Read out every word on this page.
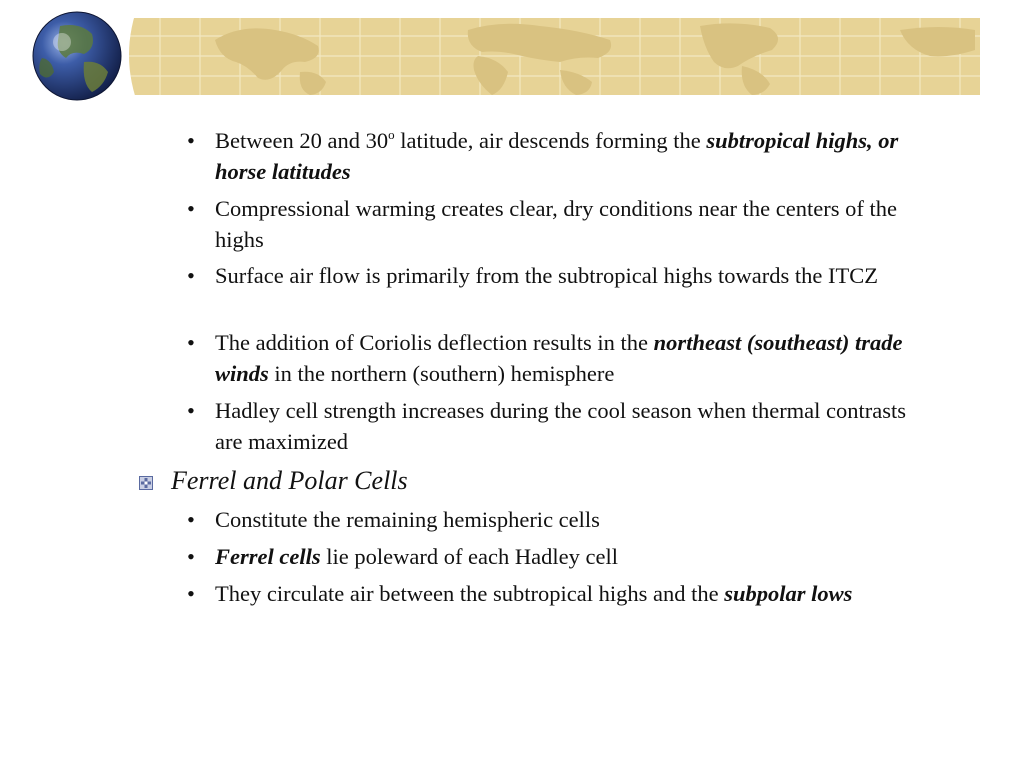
• Between 20 and 30$^o$ latitude, air descends forming the subtropical highs, or horse latitudes
• Compressional warming creates clear, dry conditions near the centers of the highs
• Surface air flow is primarily from the subtropical highs towards the ITCZ
• The addition of Coriolis deflection results in the northeast (southeast) trade winds in the northern (southern) hemisphere
• Hadley cell strength increases during the cool season when thermal contrasts are maximized
Ferrel and Polar Cells
• Constitute the remaining hemispheric cells
• Ferrel cells lie poleward of each Hadley cell
• They circulate air between the subtropical highs and the subpolar lows
